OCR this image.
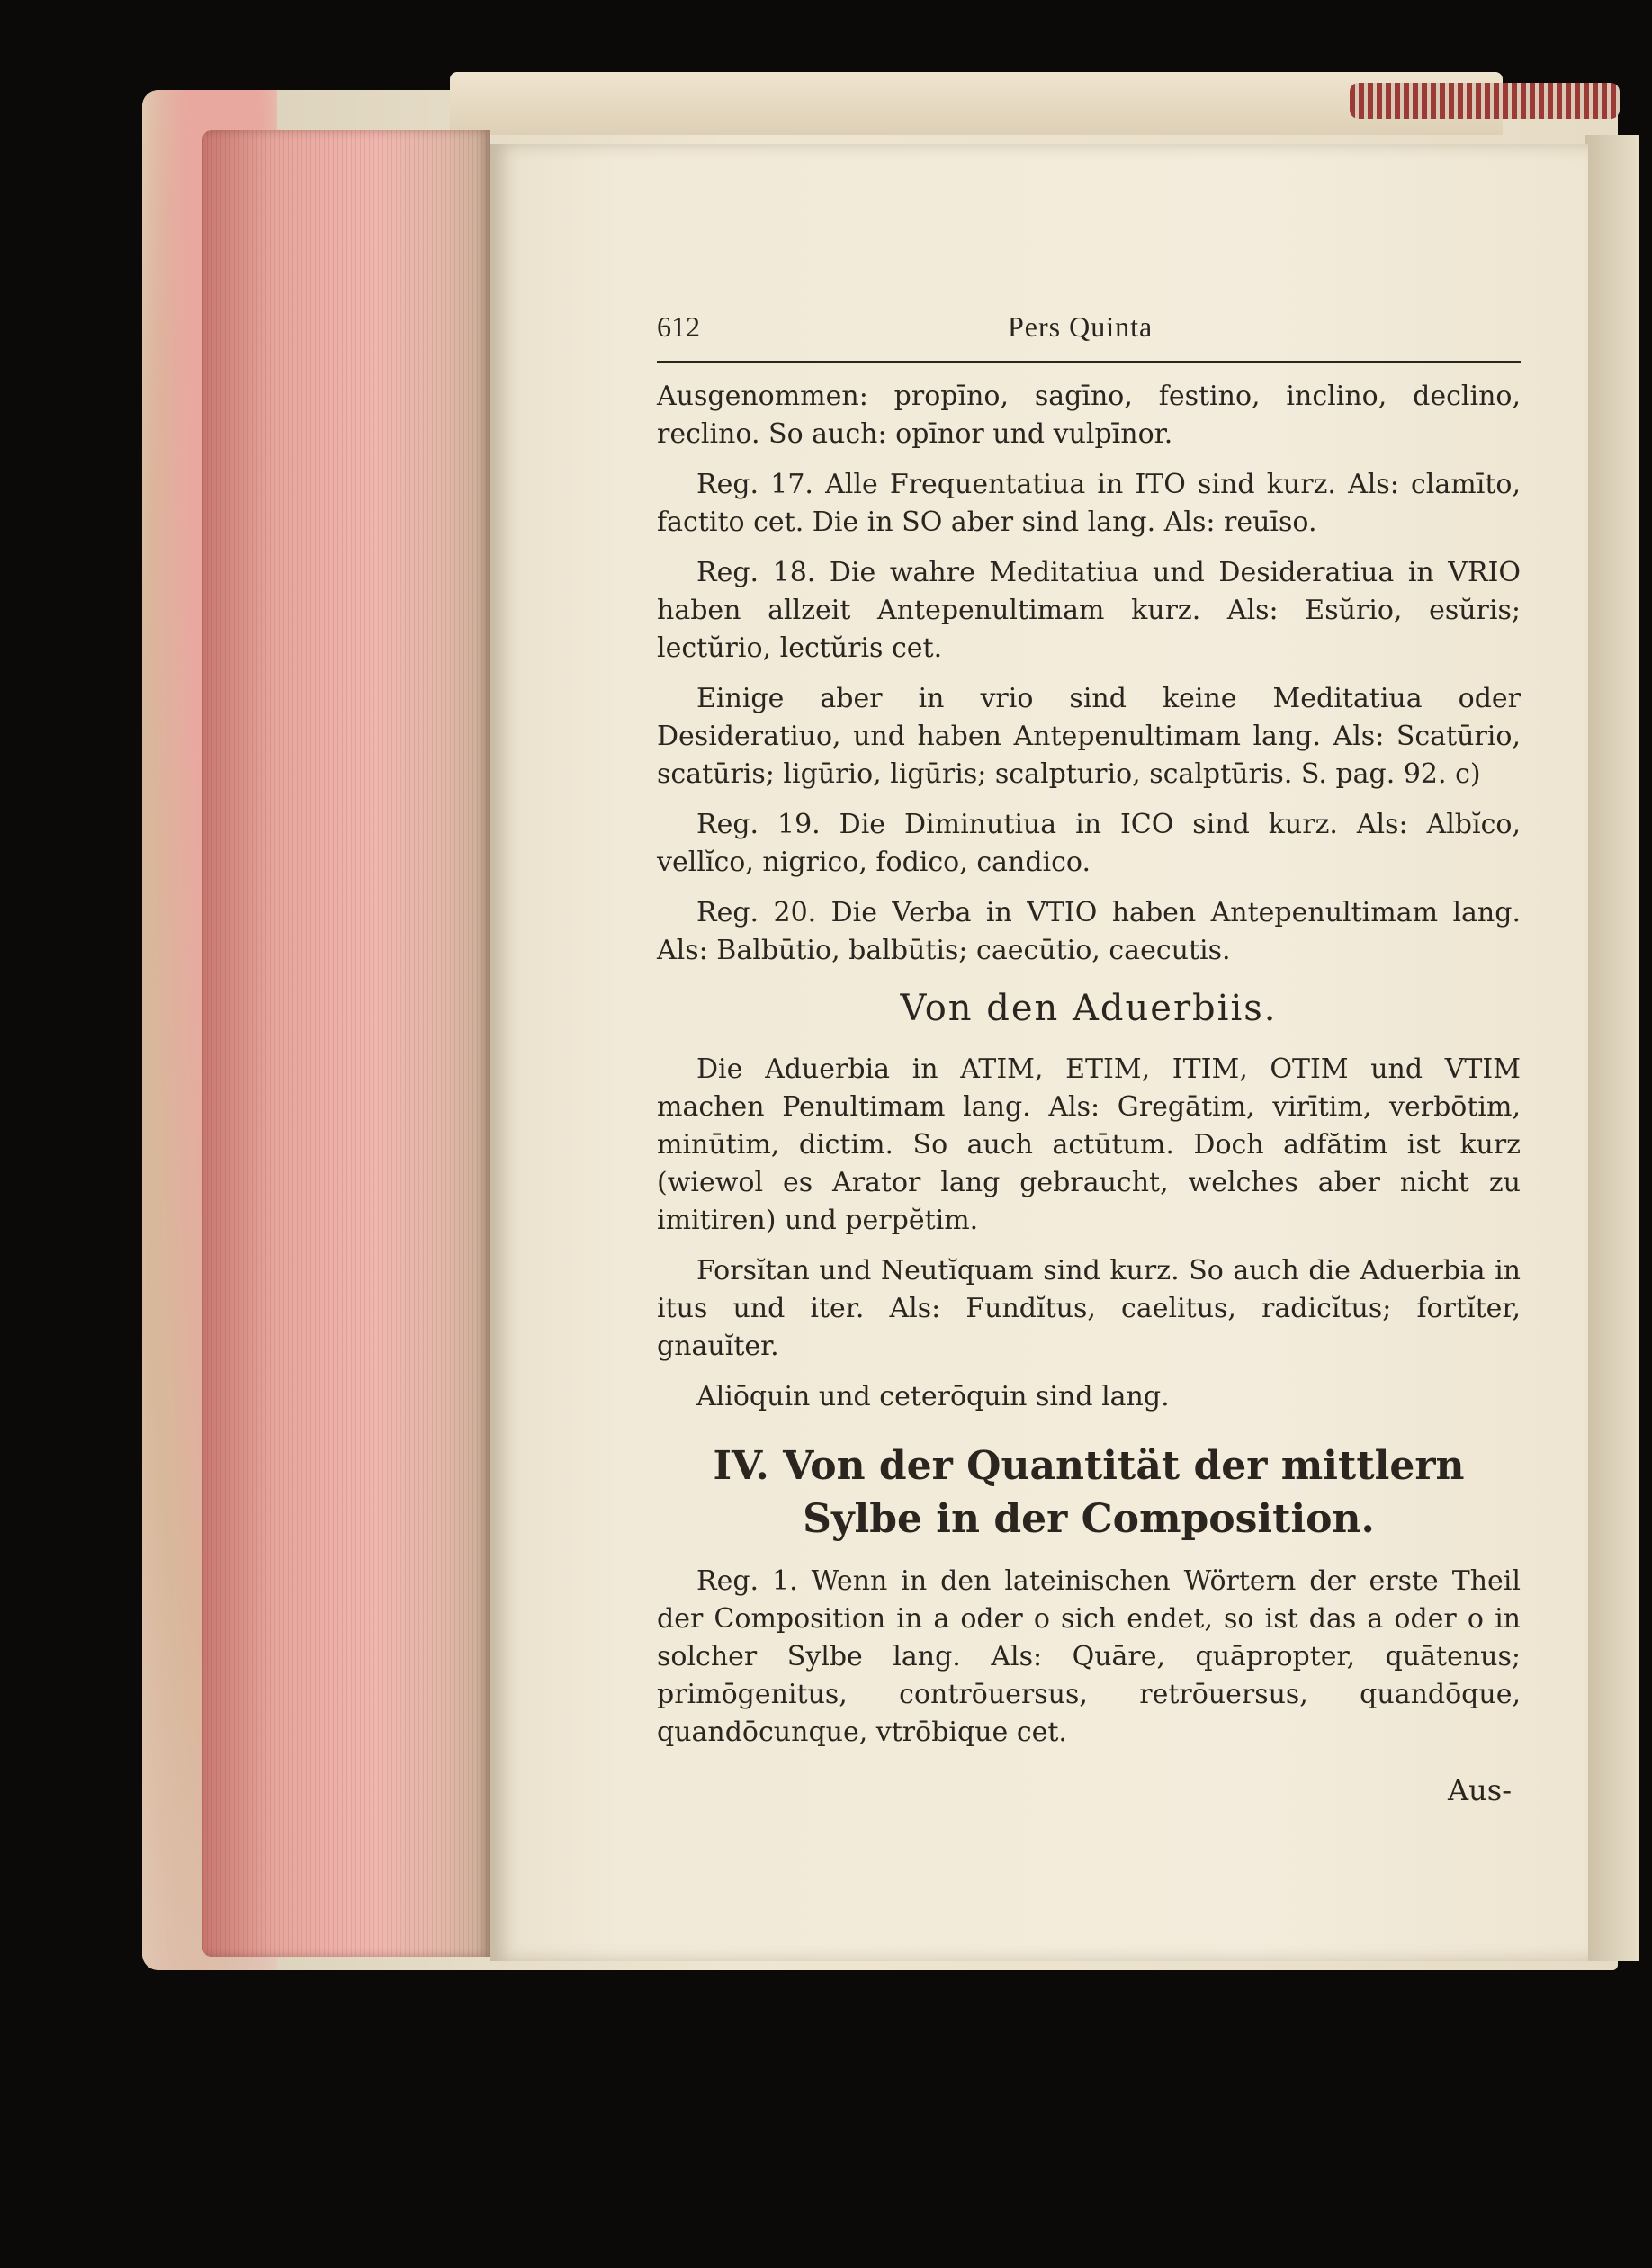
612	Pers Quinta

Ausgenommen: propīno, sagīno, festino, inclino, declino, reclino. So auch: opīnor und vulpīnor.

Reg. 17. Alle Frequentatiua in ITO sind kurz. Als: clamīto, factito cet. Die in SO aber sind lang. Als: reuīso.

Reg. 18. Die wahre Meditatiua und Desideratiua in VRIO haben allzeit Antepenultimam kurz. Als: Esŭrio, esŭris; lectŭrio, lectŭris cet.

Einige aber in vrio sind keine Meditatiua oder Desideratiuo, und haben Antepenultimam lang. Als: Scatūrio, scatūris; ligūrio, ligūris; scalpturio, scalptūris. S. pag. 92. c)

Reg. 19. Die Diminutiua in ICO sind kurz. Als: Albĭco, vellĭco, nigrico, fodico, candico.

Reg. 20. Die Verba in VTIO haben Antepenultimam lang. Als: Balbūtio, balbūtis; caecūtio, caecutis.

Von den Aduerbiis.

Die Aduerbia in ATIM, ETIM, ITIM, OTIM und VTIM machen Penultimam lang. Als: Gregātim, virītim, verbōtim, minūtim, dictim. So auch actūtum. Doch adfătim ist kurz (wiewol es Arator lang gebraucht, welches aber nicht zu imitiren) und perpĕtim.

Forsĭtan und Neutĭquam sind kurz. So auch die Aduerbia in itus und iter. Als: Fundĭtus, caelitus, radicĭtus; fortĭter, gnauĭter.

Aliōquin und ceterōquin sind lang.

IV. Von der Quantität der mittlern Sylbe in der Composition.

Reg. 1. Wenn in den lateinischen Wörtern der erste Theil der Composition in a oder o sich endet, so ist das a oder o in solcher Sylbe lang. Als: Quāre, quāpropter, quātenus; primōgenitus, contrōuersus, retrōuersus, quandōque, quandōcunque, vtrōbique cet.

Aus-
